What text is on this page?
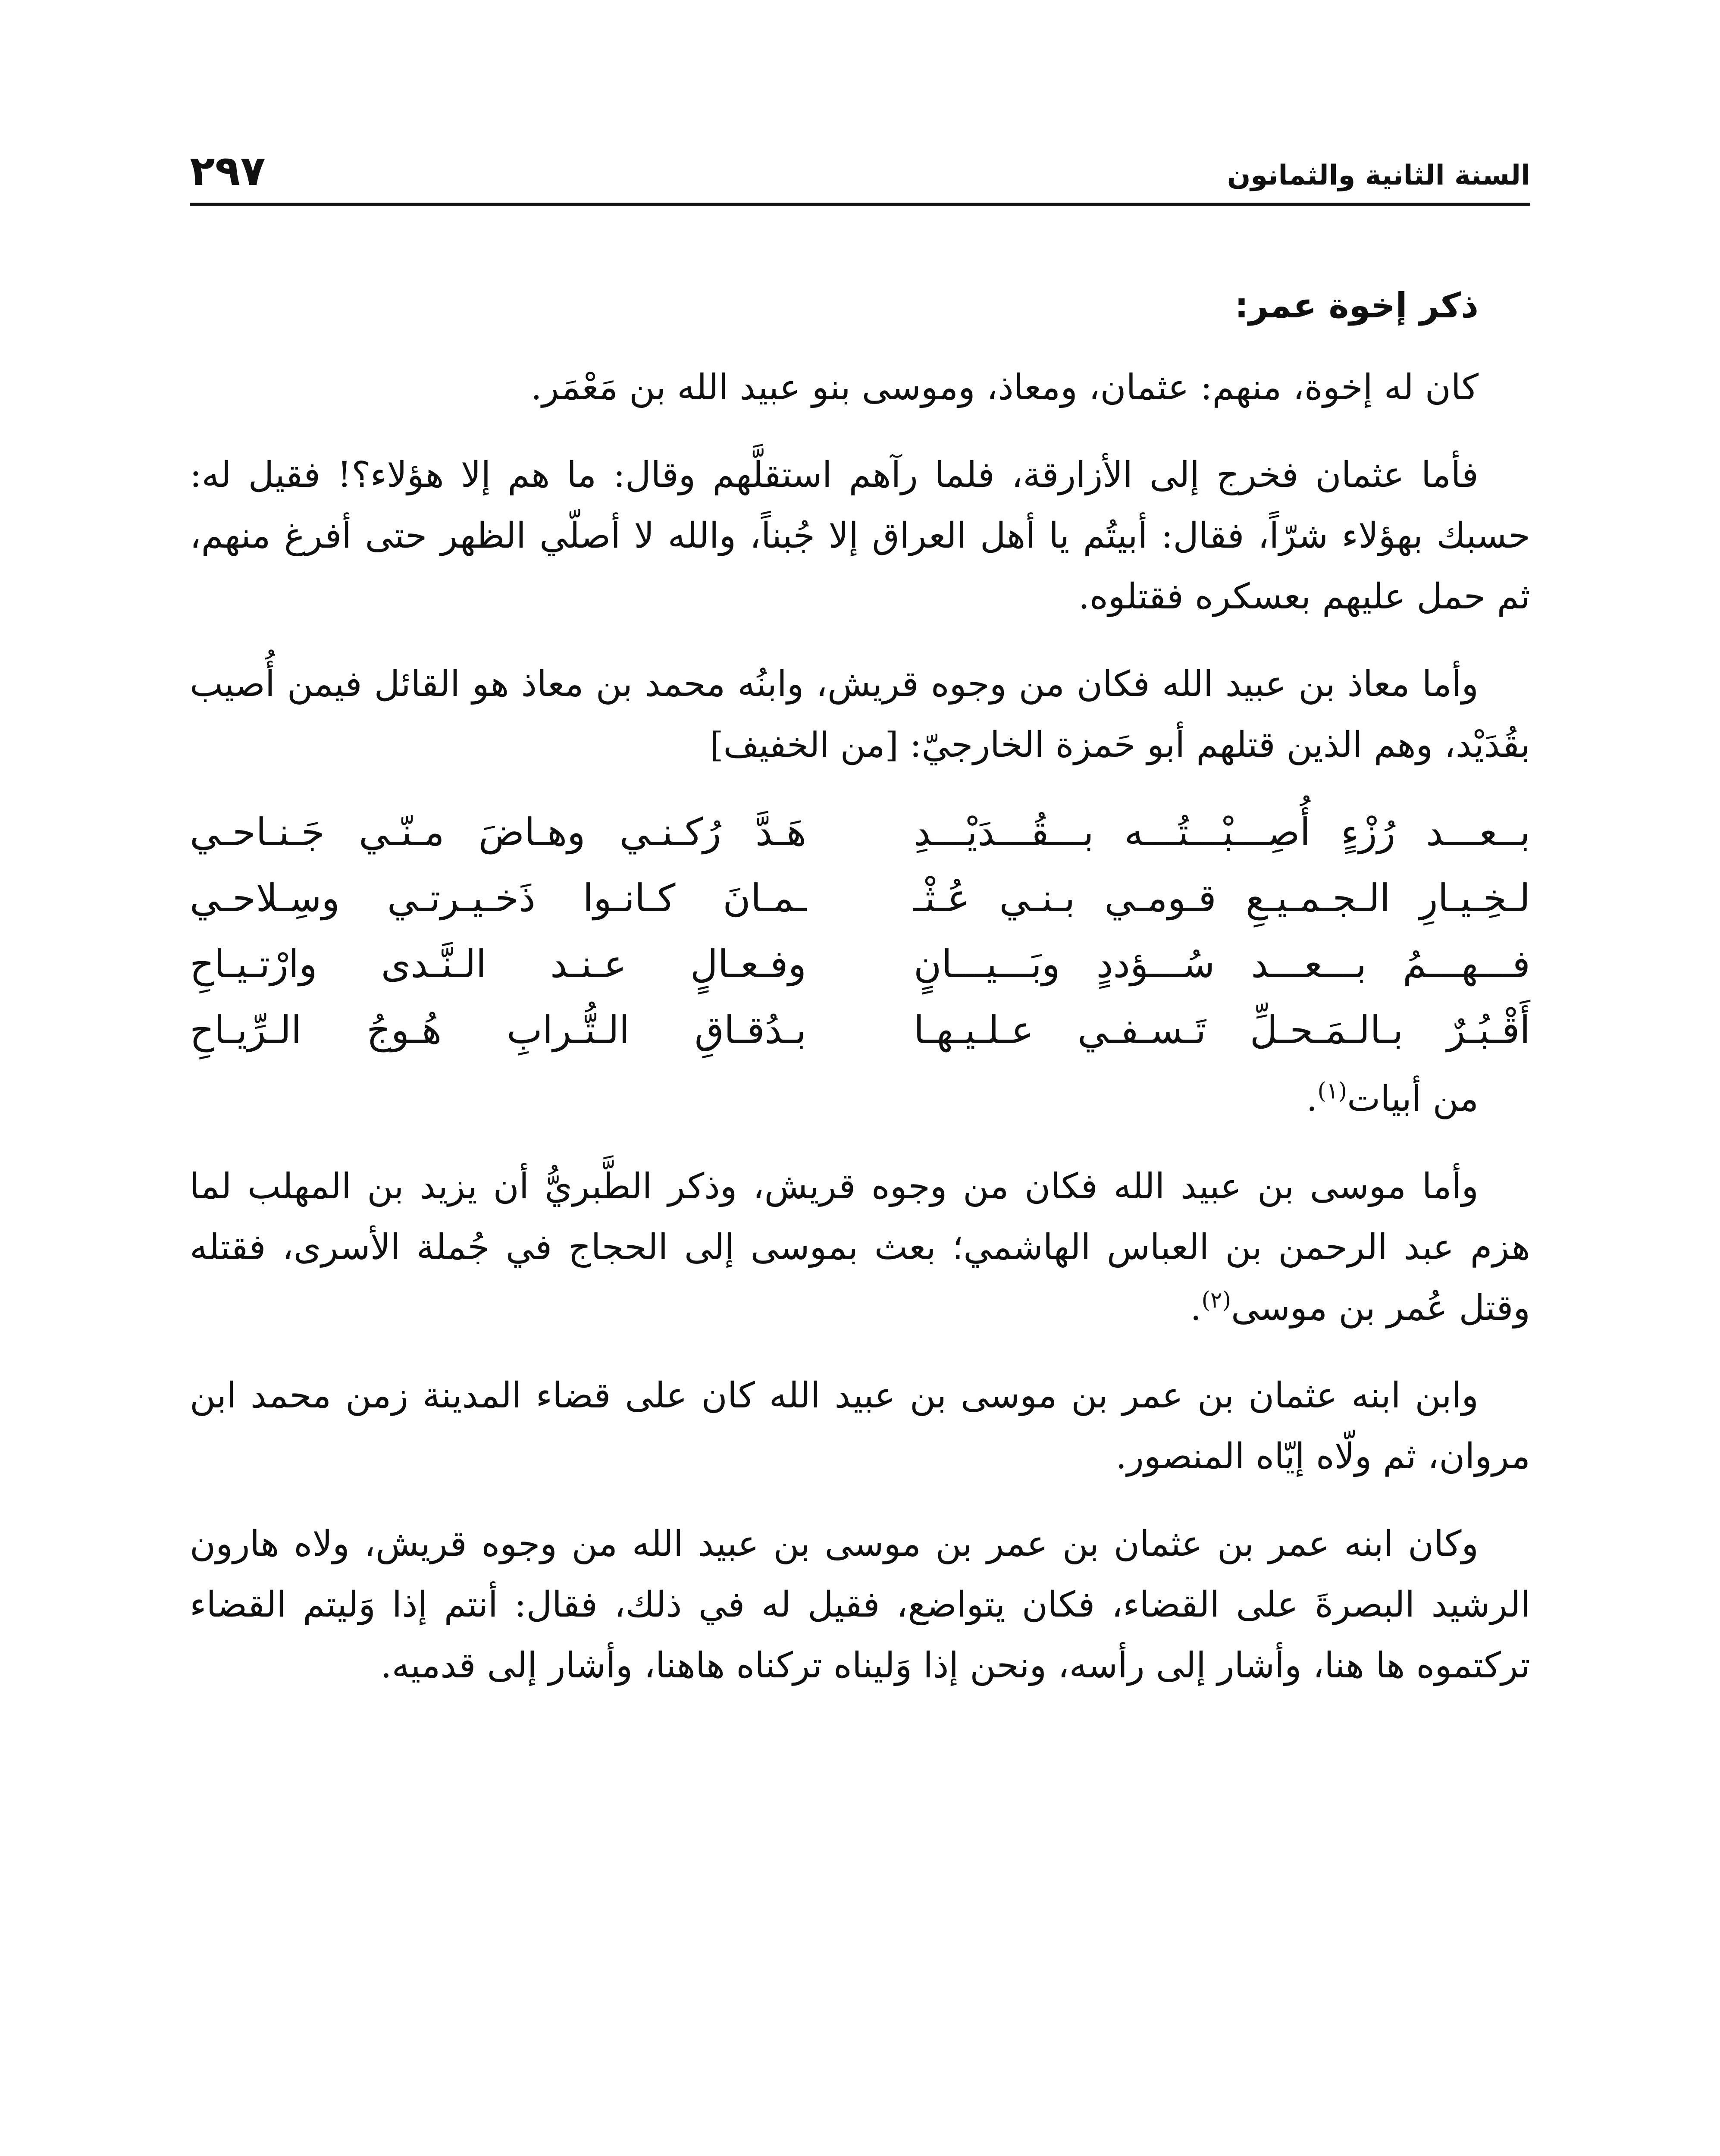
السنة الثانية والثمانون
٢٩٧

ذكر إخوة عمر:

كان له إخوة، منهم: عثمان، ومعاذ، وموسى بنو عبيد الله بن مَعْمَر.

فأما عثمان فخرج إلى الأزارقة، فلما رآهم استقلَّهم وقال: ما هم إلا هؤلاء؟! فقيل له: حسبك بهؤلاء شرّاً، فقال: أبيتُم يا أهل العراق إلا جُبناً، والله لا أصلّي الظهر حتى أفرغ منهم، ثم حمل عليهم بعسكره فقتلوه.

وأما معاذ بن عبيد الله فكان من وجوه قريش، وابنُه محمد بن معاذ هو القائل فيمن أُصيب بقُدَيْد، وهم الذين قتلهم أبو حَمزة الخارجيّ: [من الخفيف]

بــعـــد رُزْءٍ أُصِـــبْـــتُـــه بـــقُـــدَيْـــدِ
هَـدَّ رُكـنـي وهـاضَ مـنّـي جَـنـاحـي
لـخِـيـارِ الـجـمـيـعِ قـومـي بـنـي عُـثْـ
ـمـانَ كـانـوا ذَخـيـرتـي وسِـلاحـي
فـــهـــمُ بـــعـــد سُـــؤددٍ وبَـــيـــانٍ
وفـعـالٍ عـنـد الـنَّـدى وارْتـيـاحِ
أَقْـبُـرٌ بـالـمَـحـلِّ تَـسـفـي عـلـيـهـا
بـدُقـاقِ الـتُّـرابِ هُـوجُ الـرِّيـاحِ

من أبيات$^{(١)}$.

وأما موسى بن عبيد الله فكان من وجوه قريش، وذكر الطَّبريُّ أن يزيد بن المهلب لما هزم عبد الرحمن بن العباس الهاشمي؛ بعث بموسى إلى الحجاج في جُملة الأسرى، فقتله وقتل عُمر بن موسى$^{(٢)}$.

وابن ابنه عثمان بن عمر بن موسى بن عبيد الله كان على قضاء المدينة زمن محمد ابن مروان، ثم ولّاه إيّاه المنصور.

وكان ابنه عمر بن عثمان بن عمر بن موسى بن عبيد الله من وجوه قريش، ولاه هارون الرشيد البصرةَ على القضاء، فكان يتواضع، فقيل له في ذلك، فقال: أنتم إذا وَليتم القضاء تركتموه ها هنا، وأشار إلى رأسه، ونحن إذا وَليناه تركناه هاهنا، وأشار إلى قدميه.
